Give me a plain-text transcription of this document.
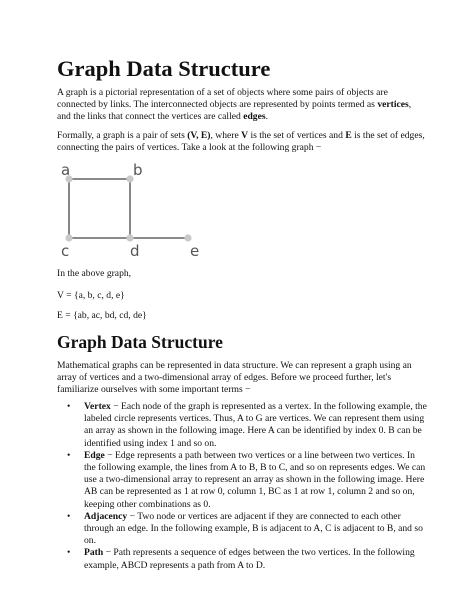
Graph Data Structure

A graph is a pictorial representation of a set of objects where some pairs of objects are connected by links. The interconnected objects are represented by points termed as vertices, and the links that connect the vertices are called edges.

Formally, a graph is a pair of sets (V, E), where V is the set of vertices and E is the set of edges, connecting the pairs of vertices. Take a look at the following graph −

a	b
c	d	e

In the above graph,

V = {a, b, c, d, e}

E = {ab, ac, bd, cd, de}

Graph Data Structure

Mathematical graphs can be represented in data structure. We can represent a graph using an array of vertices and a two-dimensional array of edges. Before we proceed further, let's familiarize ourselves with some important terms −

• Vertex − Each node of the graph is represented as a vertex. In the following example, the labeled circle represents vertices. Thus, A to G are vertices. We can represent them using an array as shown in the following image. Here A can be identified by index 0. B can be identified using index 1 and so on.
• Edge − Edge represents a path between two vertices or a line between two vertices. In the following example, the lines from A to B, B to C, and so on represents edges. We can use a two-dimensional array to represent an array as shown in the following image. Here AB can be represented as 1 at row 0, column 1, BC as 1 at row 1, column 2 and so on, keeping other combinations as 0.
• Adjacency − Two node or vertices are adjacent if they are connected to each other through an edge. In the following example, B is adjacent to A, C is adjacent to B, and so on.
• Path − Path represents a sequence of edges between the two vertices. In the following example, ABCD represents a path from A to D.
